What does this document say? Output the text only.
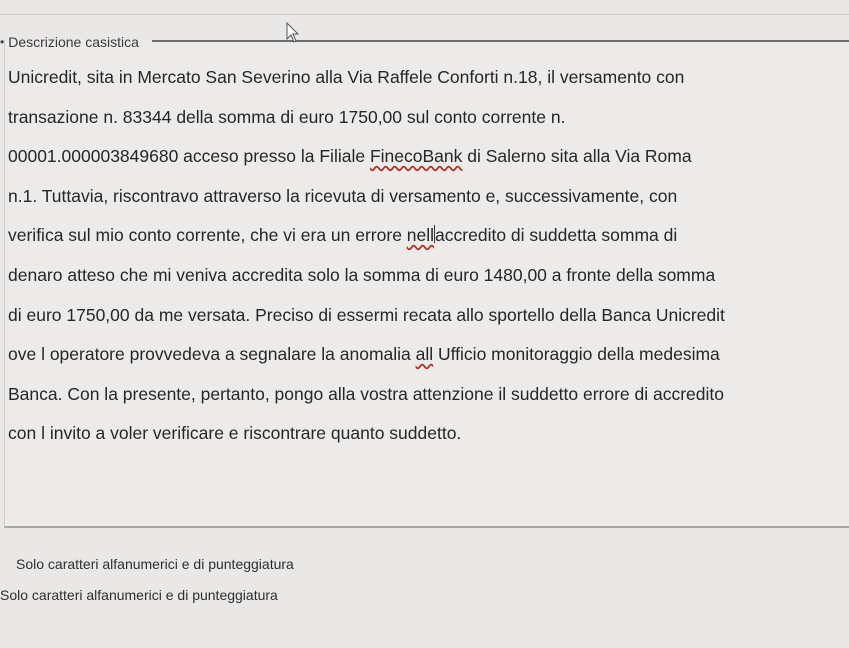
• Descrizione casistica

Unicredit, sita in Mercato San Severino alla Via Raffele Conforti n.18, il versamento con
transazione n. 83344 della somma di euro 1750,00 sul conto corrente n.
00001.000003849680 acceso presso la Filiale FinecoBank di Salerno sita alla Via Roma
n.1. Tuttavia, riscontravo attraverso la ricevuta di versamento e, successivamente, con
verifica sul mio conto corrente, che vi era un errore nellaccredito di suddetta somma di
denaro atteso che mi veniva accredita solo la somma di euro 1480,00 a fronte della somma
di euro 1750,00 da me versata. Preciso di essermi recata allo sportello della Banca Unicredit
ove l operatore provvedeva a segnalare la anomalia all Ufficio monitoraggio della medesima
Banca. Con la presente, pertanto, pongo alla vostra attenzione il suddetto errore di accredito
con l invito a voler verificare e riscontrare quanto suddetto.

Solo caratteri alfanumerici e di punteggiatura
Solo caratteri alfanumerici e di punteggiatura
